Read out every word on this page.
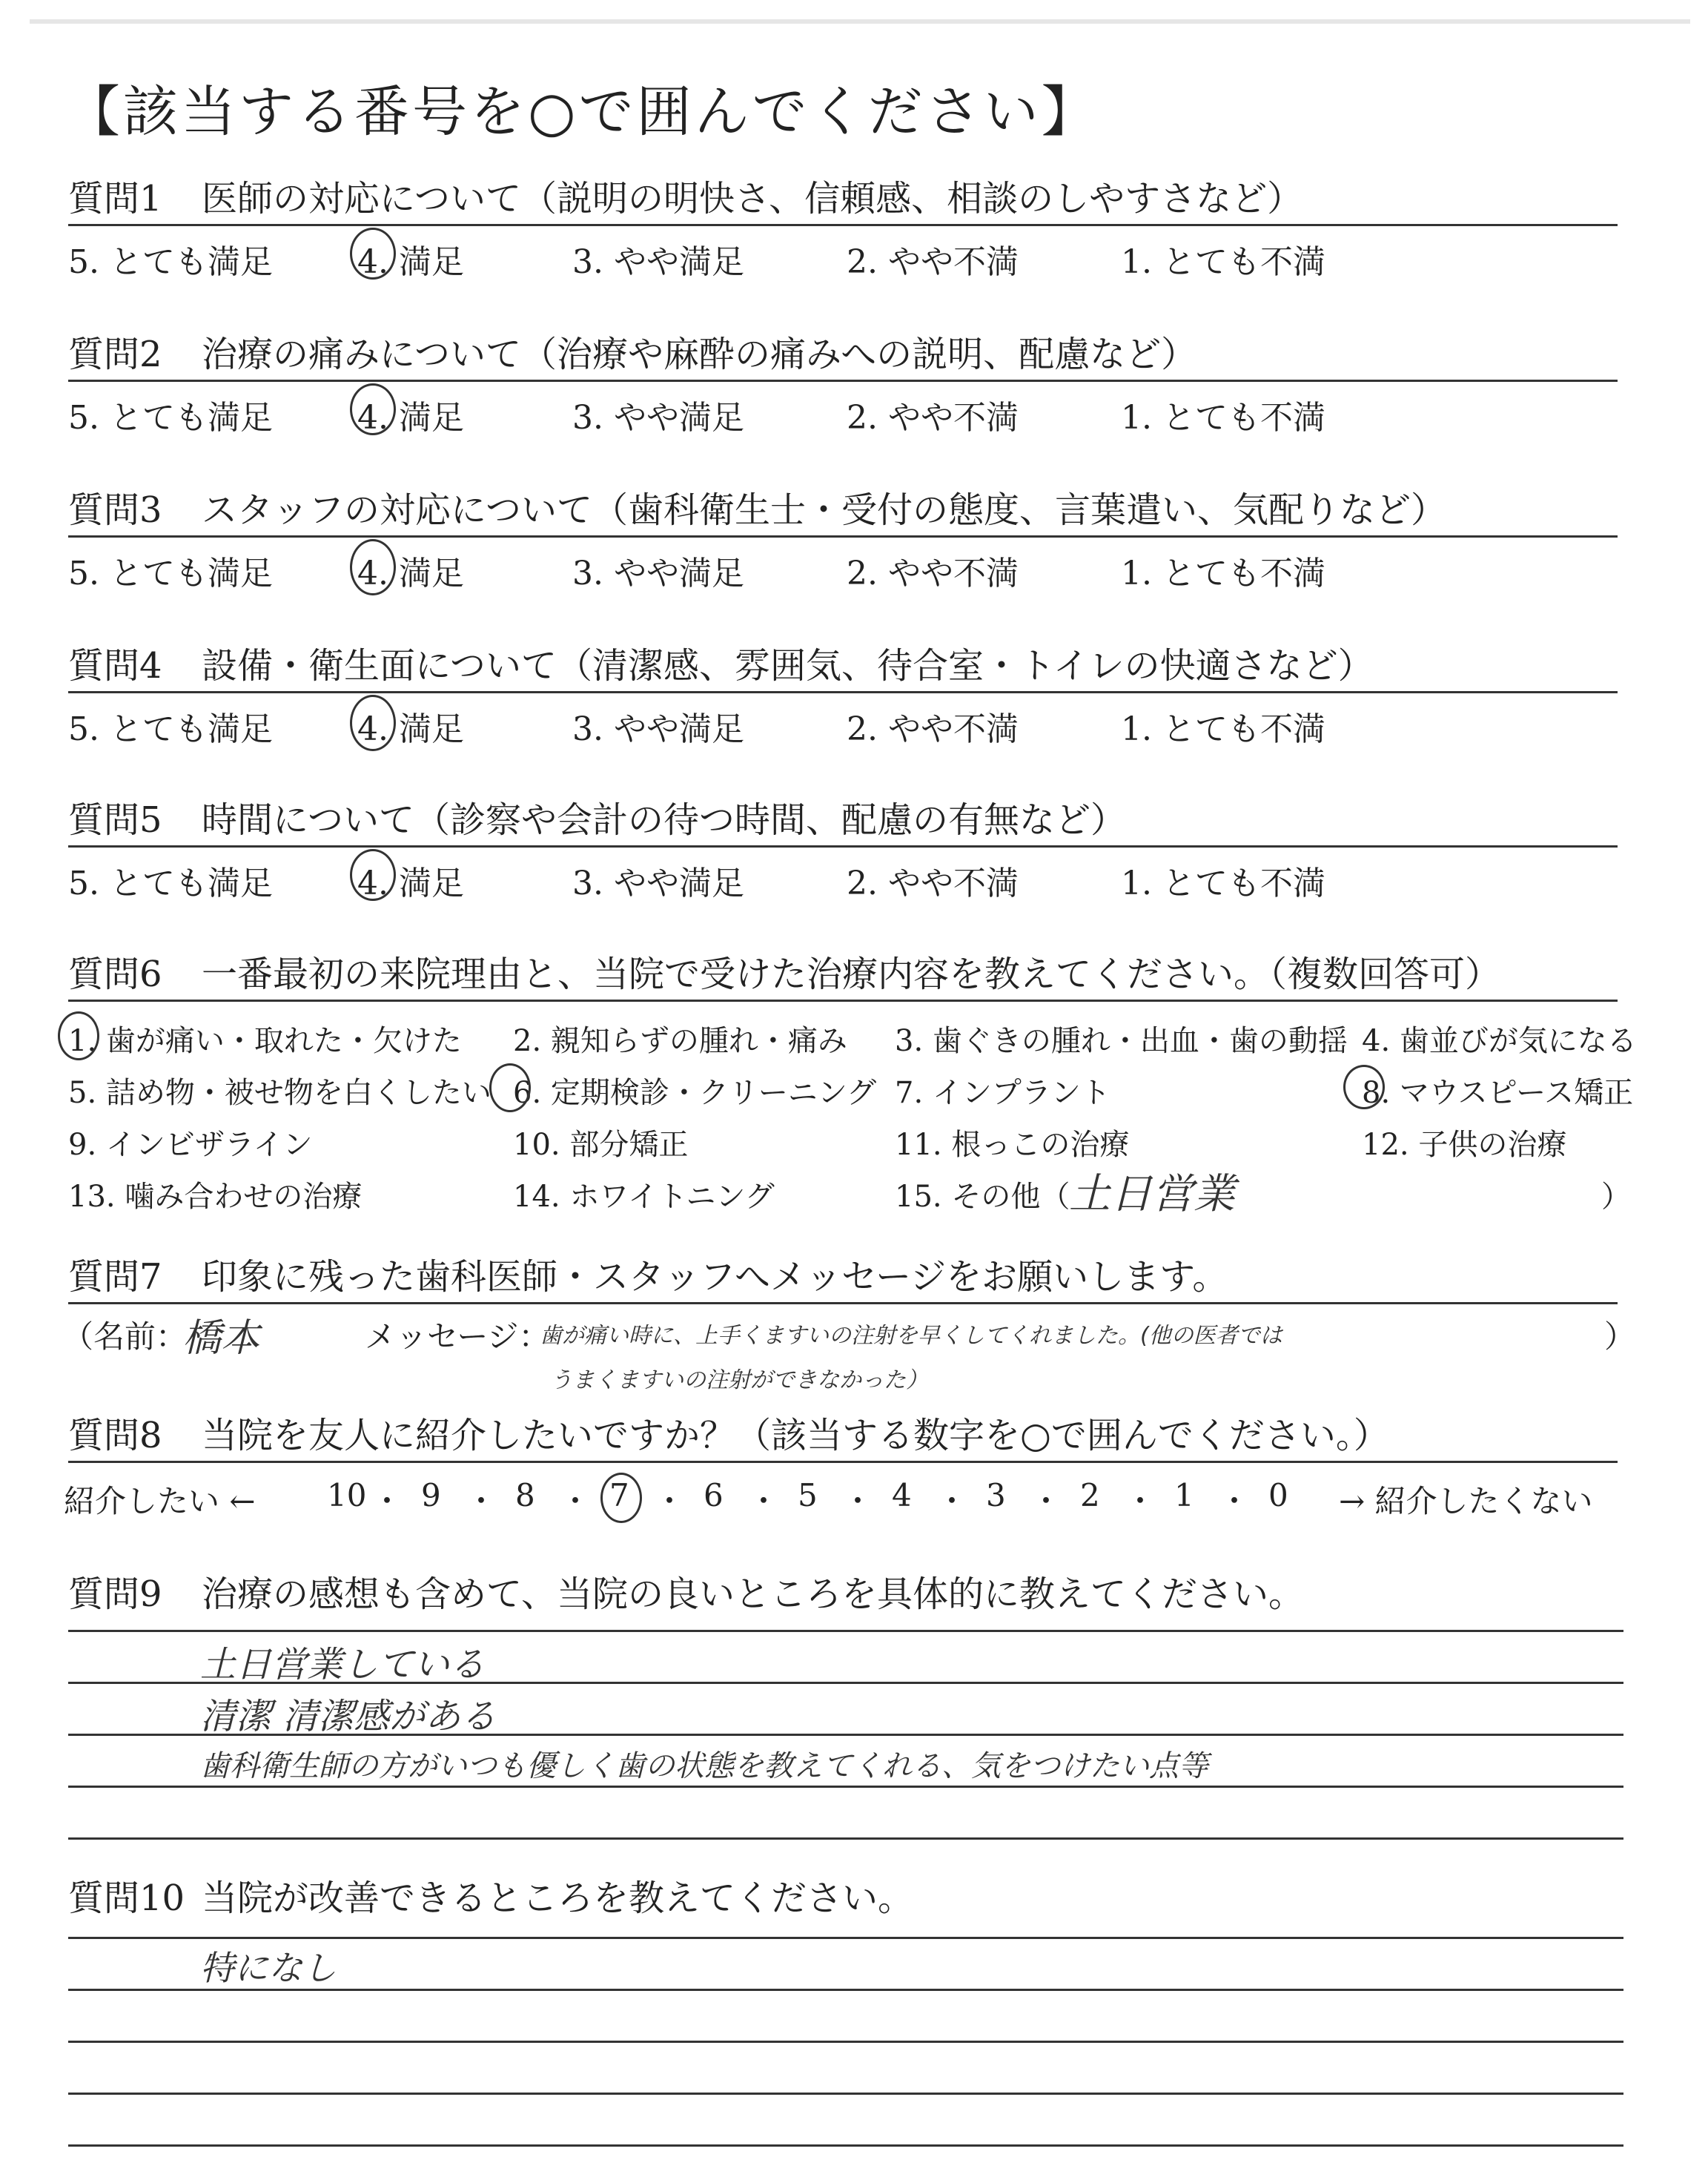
【該当する番号を○で囲んでください】
質問1 医師の対応について（説明の明快さ、信頼感、相談のしやすさなど）
5. とても満足	4. 満足	3. やや満足	2. やや不満	1. とても不満
質問2 治療の痛みについて（治療や麻酔の痛みへの説明、配慮など）
5. とても満足	4. 満足	3. やや満足	2. やや不満	1. とても不満
質問3 スタッフの対応について（歯科衛生士・受付の態度、言葉遣い、気配りなど）
5. とても満足	4. 満足	3. やや満足	2. やや不満	1. とても不満
質問4 設備・衛生面について（清潔感、雰囲気、待合室・トイレの快適さなど）
5. とても満足	4. 満足	3. やや満足	2. やや不満	1. とても不満
質問5 時間について（診察や会計の待つ時間、配慮の有無など）
5. とても満足	4. 満足	3. やや満足	2. やや不満	1. とても不満
質問6 一番最初の来院理由と、当院で受けた治療内容を教えてください。（複数回答可）
1. 歯が痛い・取れた・欠けた 2. 親知らずの腫れ・痛み 3. 歯ぐきの腫れ・出血・歯の動揺 4. 歯並びが気になる
5. 詰め物・被せ物を白くしたい 6. 定期検診・クリーニング 7. インプラント	8. マウスピース矯正
9. インビザライン	10. 部分矯正	11. 根っこの治療	12. 子供の治療
13. 噛み合わせの治療	14. ホワイトニング	15. その他（
土日営業	）
質問7 印象に残った歯科医師・スタッフへメッセージをお願いします。
（名前：
橋本	メッセージ：
歯が痛い時に、上手くますいの注射を早くしてくれました。(他の医者では
うまくますいの注射ができなかった）
）
質問8 当院を友人に紹介したいですか？（該当する数字を○で囲んでください。）
紹介したい ←	→ 紹介したくない
10 ・ 9 ・ 8 ・ 7 ・ 6 ・ 5 ・ 4 ・ 3 ・ 2 ・ 1 ・ 0
質問9 治療の感想も含めて、当院の良いところを具体的に教えてください。
土日営業している
清潔 清潔感がある
歯科衛生師の方がいつも優しく歯の状態を教えてくれる、気をつけたい点等
質問10 当院が改善できるところを教えてください。
特になし
